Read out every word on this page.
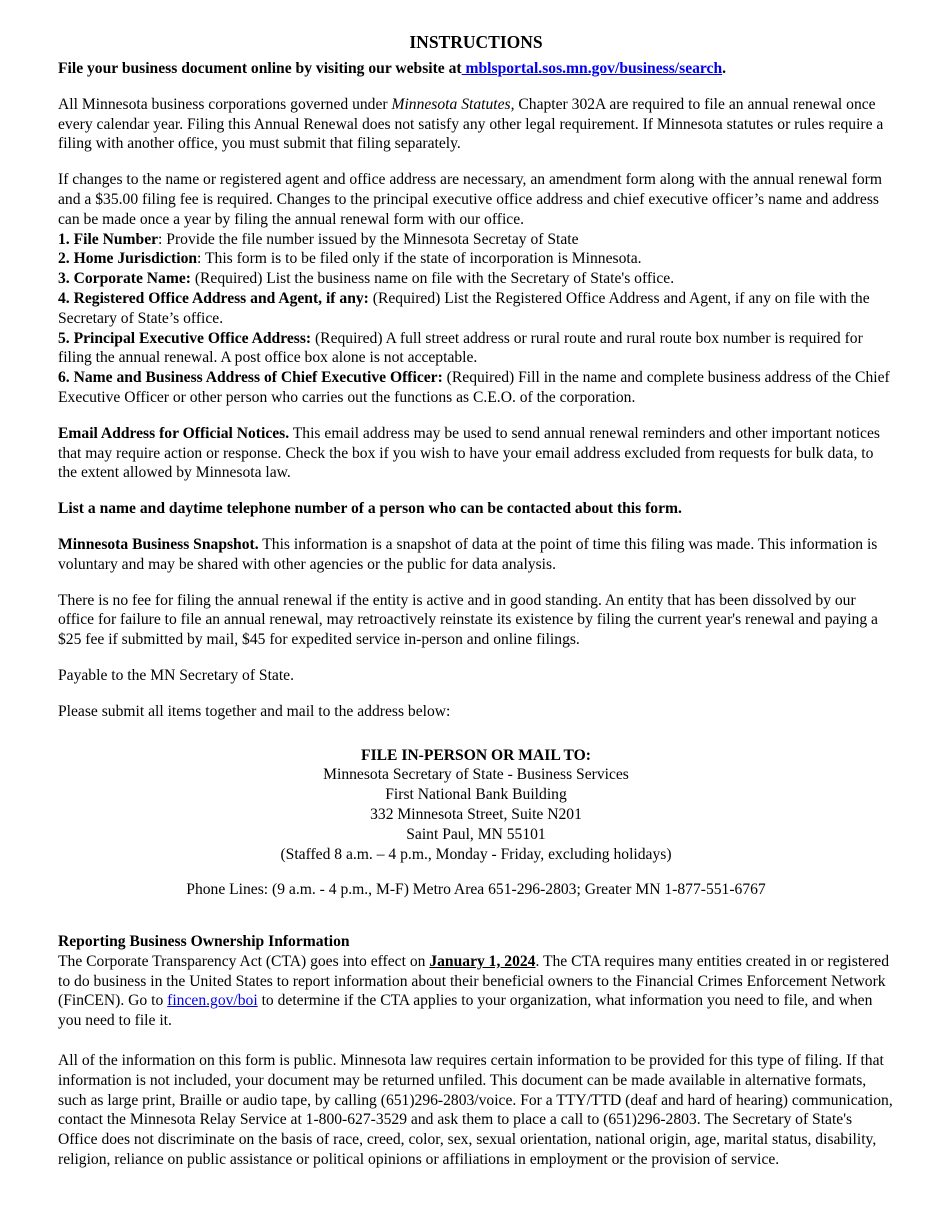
INSTRUCTIONS

File your business document online by visiting our website at mblsportal.sos.mn.gov/business/search.

All Minnesota business corporations governed under Minnesota Statutes, Chapter 302A are required to file an annual renewal once every calendar year. Filing this Annual Renewal does not satisfy any other legal requirement. If Minnesota statutes or rules require a filing with another office, you must submit that filing separately.

If changes to the name or registered agent and office address are necessary, an amendment form along with the annual renewal form and a $35.00 filing fee is required. Changes to the principal executive office address and chief executive officer’s name and address can be made once a year by filing the annual renewal form with our office.

1. File Number: Provide the file number issued by the Minnesota Secretay of State
2. Home Jurisdiction: This form is to be filed only if the state of incorporation is Minnesota.
3. Corporate Name: (Required) List the business name on file with the Secretary of State's office.
4. Registered Office Address and Agent, if any: (Required) List the Registered Office Address and Agent, if any on file with the Secretary of State’s office.
5. Principal Executive Office Address: (Required) A full street address or rural route and rural route box number is required for filing the annual renewal. A post office box alone is not acceptable.
6. Name and Business Address of Chief Executive Officer: (Required) Fill in the name and complete business address of the Chief Executive Officer or other person who carries out the functions as C.E.O. of the corporation.

Email Address for Official Notices. This email address may be used to send annual renewal reminders and other important notices that may require action or response. Check the box if you wish to have your email address excluded from requests for bulk data, to the extent allowed by Minnesota law.

List a name and daytime telephone number of a person who can be contacted about this form.

Minnesota Business Snapshot. This information is a snapshot of data at the point of time this filing was made. This information is voluntary and may be shared with other agencies or the public for data analysis.

There is no fee for filing the annual renewal if the entity is active and in good standing. An entity that has been dissolved by our office for failure to file an annual renewal, may retroactively reinstate its existence by filing the current year's renewal and paying a $25 fee if submitted by mail, $45 for expedited service in-person and online filings.

Payable to the MN Secretary of State.

Please submit all items together and mail to the address below:

FILE IN-PERSON OR MAIL TO:
Minnesota Secretary of State - Business Services
First National Bank Building
332 Minnesota Street, Suite N201
Saint Paul, MN 55101
(Staffed 8 a.m. – 4 p.m., Monday - Friday, excluding holidays)

Phone Lines: (9 a.m. - 4 p.m., M-F) Metro Area 651-296-2803; Greater MN 1-877-551-6767

Reporting Business Ownership Information

The Corporate Transparency Act (CTA) goes into effect on January 1, 2024. The CTA requires many entities created in or registered to do business in the United States to report information about their beneficial owners to the Financial Crimes Enforcement Network (FinCEN). Go to fincen.gov/boi to determine if the CTA applies to your organization, what information you need to file, and when you need to file it.

All of the information on this form is public. Minnesota law requires certain information to be provided for this type of filing. If that information is not included, your document may be returned unfiled. This document can be made available in alternative formats, such as large print, Braille or audio tape, by calling (651)296-2803/voice. For a TTY/TTD (deaf and hard of hearing) communication, contact the Minnesota Relay Service at 1-800-627-3529 and ask them to place a call to (651)296-2803. The Secretary of State's Office does not discriminate on the basis of race, creed, color, sex, sexual orientation, national origin, age, marital status, disability, religion, reliance on public assistance or political opinions or affiliations in employment or the provision of service.
